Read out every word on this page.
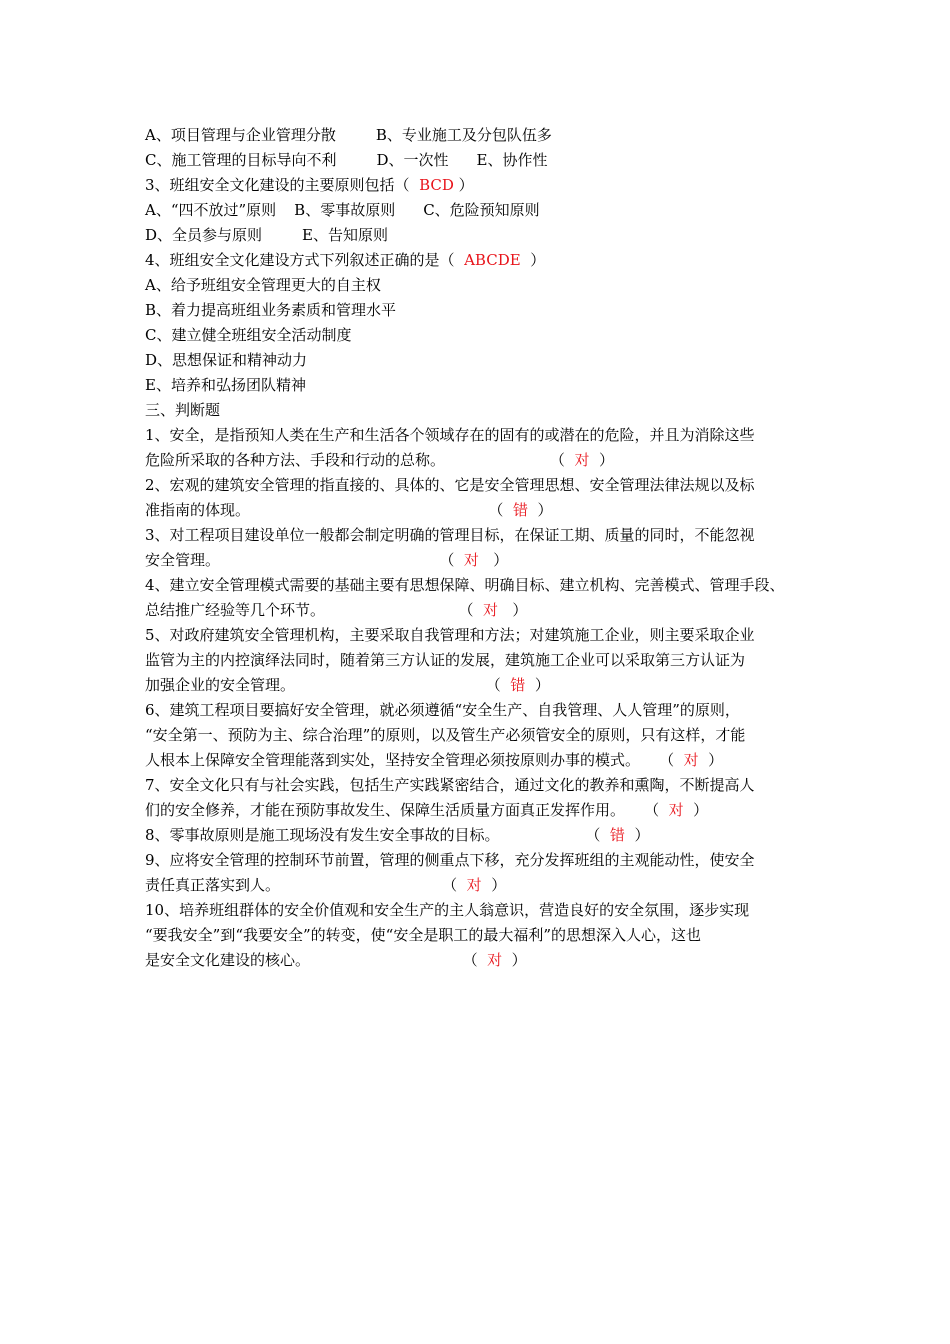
A、项目管理与企业管理分散	B、专业施工及分包队伍多
C、施工管理的目标导向不利	D、一次性 E、协作性
3、班组安全文化建设的主要原则包括（  BCD ）
A、“四不放过”原则 B、零事故原则 C、危险预知原则
D、全员参与原则	E、告知原则
4、班组安全文化建设方式下列叙述正确的是（  ABCDE  ）
A、给予班组安全管理更大的自主权
B、着力提高班组业务素质和管理水平
C、建立健全班组安全活动制度
D、思想保证和精神动力
E、培养和弘扬团队精神
三、判断题
1、安全，是指预知人类在生产和生活各个领域存在的固有的或潜在的危险，并且为消除这些
危险所采取的各种方法、手段和行动的总称。                      （  对  ）
2、宏观的建筑安全管理的指直接的、具体的、它是安全管理思想、安全管理法律法规以及标
准指南的体现。                                                  （  错  ）
3、对工程项目建设单位一般都会制定明确的管理目标，在保证工期、质量的同时，不能忽视
安全管理。                                              （  对   ）
4、建立安全管理模式需要的基础主要有思想保障、明确目标、建立机构、完善模式、管理手段、
总结推广经验等几个环节。                            （  对   ）
5、对政府建筑安全管理机构，主要采取自我管理和方法；对建筑施工企业，则主要采取企业
监管为主的内控演绎法同时，随着第三方认证的发展，建筑施工企业可以采取第三方认证为
加强企业的安全管理。                                        （  错  ）
6、建筑工程项目要搞好安全管理，就必须遵循“安全生产、自我管理、人人管理”的原则，
“安全第一、预防为主、综合治理”的原则，以及管生产必须管安全的原则，只有这样，才能
人根本上保障安全管理能落到实处，坚持安全管理必须按原则办事的模式。    （  对  ）
7、安全文化只有与社会实践，包括生产实践紧密结合，通过文化的教养和熏陶，不断提高人
们的安全修养，才能在预防事故发生、保障生活质量方面真正发挥作用。    （  对  ）
8、零事故原则是施工现场没有发生安全事故的目标。                  （  错  ）
9、应将安全管理的控制环节前置，管理的侧重点下移，充分发挥班组的主观能动性，使安全
责任真正落实到人。                                  （  对  ）
10、培养班组群体的安全价值观和安全生产的主人翁意识，营造良好的安全氛围，逐步实现
“要我安全”到“我要安全”的转变，使“安全是职工的最大福利”的思想深入人心，这也
是安全文化建设的核心。                                （  对  ）
